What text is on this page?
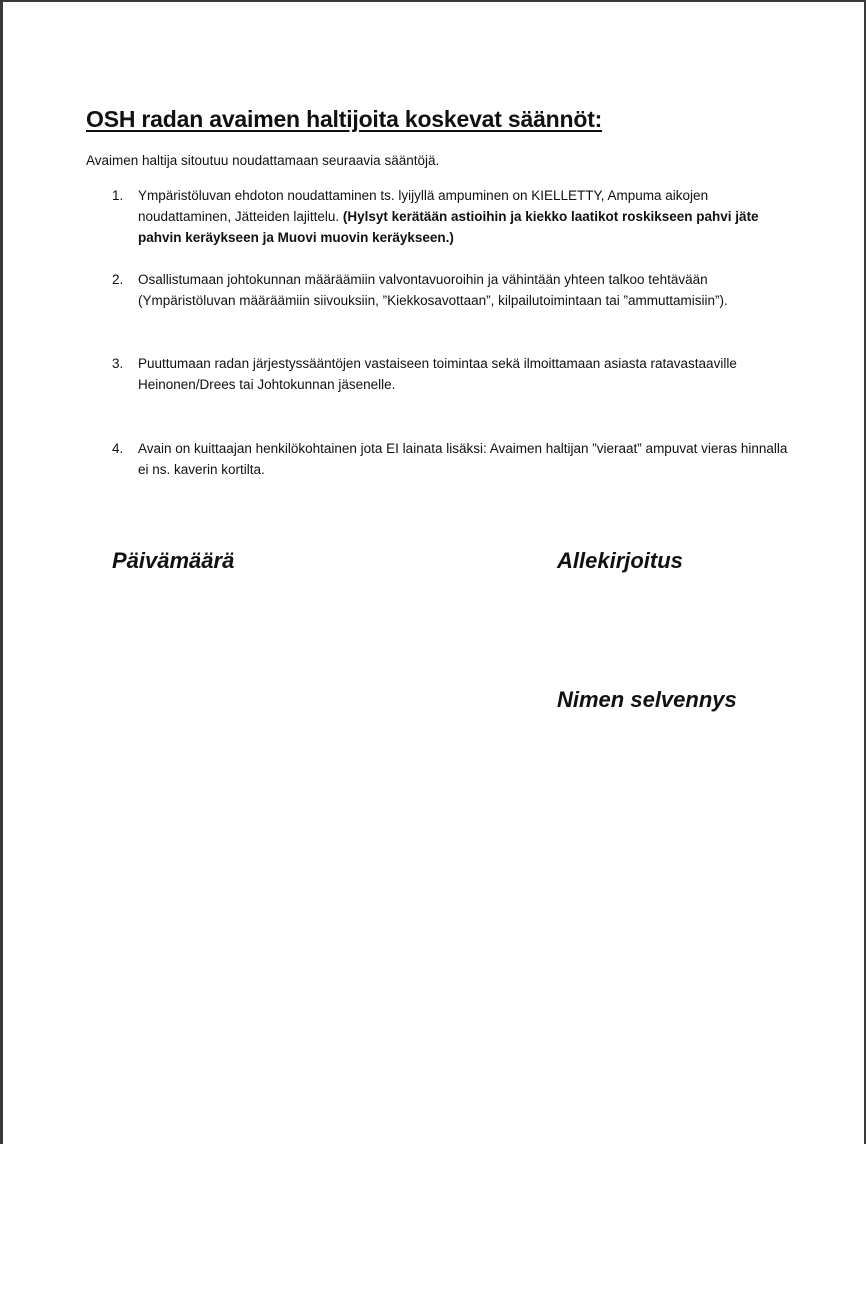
OSH radan avaimen haltijoita koskevat säännöt:

Avaimen haltija sitoutuu noudattamaan seuraavia sääntöjä.

1. Ympäristöluvan ehdoton noudattaminen ts. lyijyllä ampuminen on KIELLETTY, Ampuma aikojen noudattaminen, Jätteiden lajittelu. (Hylsyt kerätään astioihin ja kiekko laatikot roskikseen pahvi jäte pahvin keräykseen ja Muovi muovin keräykseen.)
2. Osallistumaan johtokunnan määräämiin valvontavuoroihin ja vähintään yhteen talkoo tehtävään (Ympäristöluvan määräämiin siivouksiin, ”Kiekkosavottaan”, kilpailutoimintaan tai ”ammuttamisiin”).
3. Puuttumaan radan järjestyssääntöjen vastaiseen toimintaa sekä ilmoittamaan asiasta ratavastaaville Heinonen/Drees tai Johtokunnan jäsenelle.
4. Avain on kuittaajan henkilökohtainen jota EI lainata lisäksi: Avaimen haltijan ”vieraat” ampuvat vieras hinnalla ei ns. kaverin kortilta.

Päivämäärä	Allekirjoitus

Nimen selvennys
